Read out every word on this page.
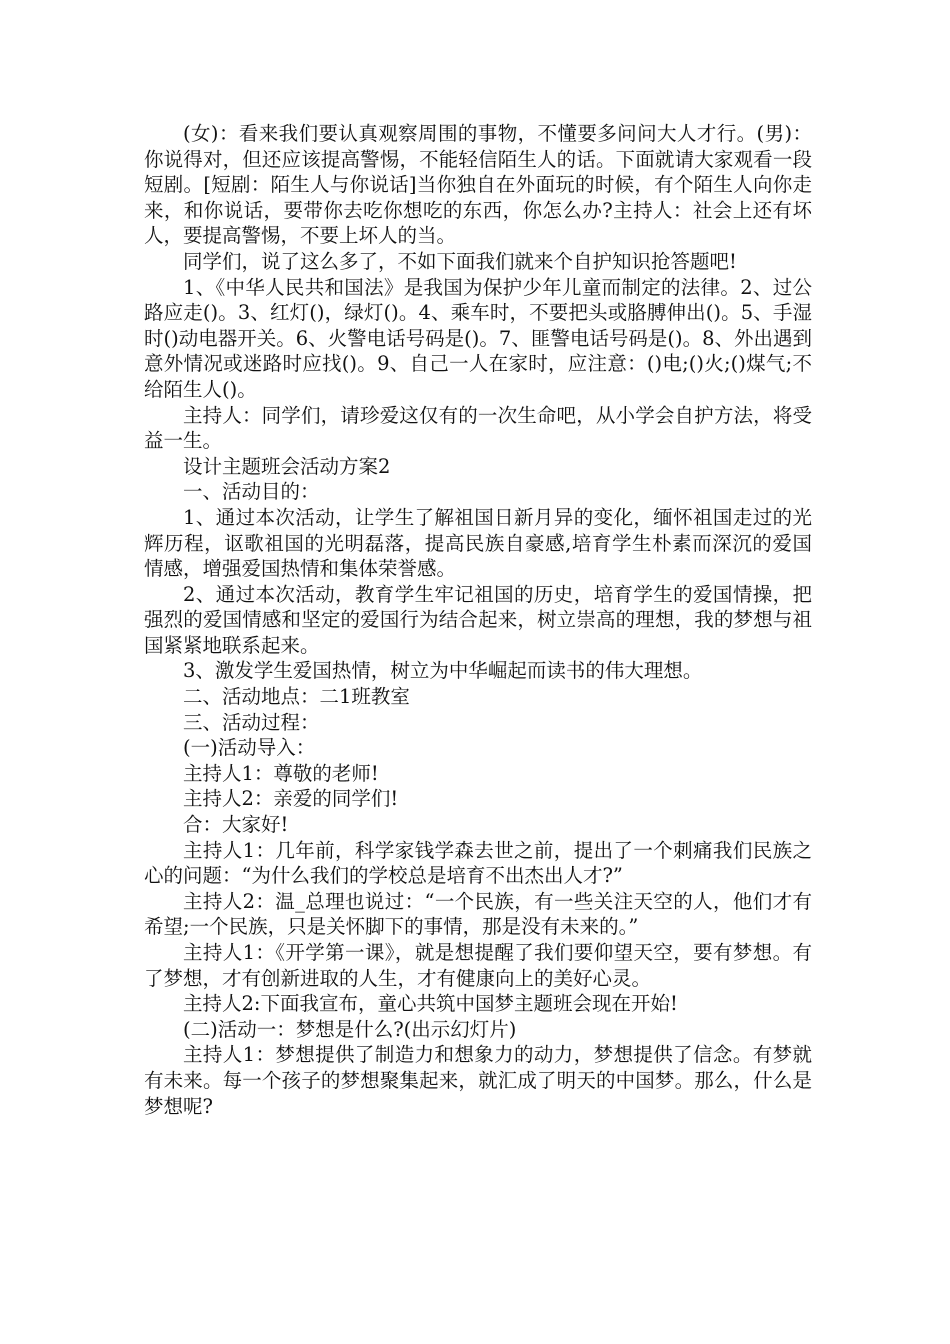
(女)：看来我们要认真观察周围的事物，不懂要多问问大人才行。(男)：你说得对，但还应该提高警惕，不能轻信陌生人的话。下面就请大家观看一段短剧。[短剧：陌生人与你说话]当你独自在外面玩的时候，有个陌生人向你走来，和你说话，要带你去吃你想吃的东西，你怎么办?主持人：社会上还有坏人，要提高警惕，不要上坏人的当。

同学们，说了这么多了，不如下面我们就来个自护知识抢答题吧!

1、《中华人民共和国法》是我国为保护少年儿童而制定的法律。2、过公路应走()。3、红灯()，绿灯()。4、乘车时，不要把头或胳膊伸出()。5、手湿时()动电器开关。6、火警电话号码是()。7、匪警电话号码是()。8、外出遇到意外情况或迷路时应找()。9、自己一人在家时，应注意：()电;()火;()煤气;不给陌生人()。

主持人：同学们，请珍爱这仅有的一次生命吧，从小学会自护方法，将受益一生。

设计主题班会活动方案2

一、活动目的：

1、通过本次活动，让学生了解祖国日新月异的变化，缅怀祖国走过的光辉历程，讴歌祖国的光明磊落，提高民族自豪感,培育学生朴素而深沉的爱国情感，增强爱国热情和集体荣誉感。

2、通过本次活动，教育学生牢记祖国的历史，培育学生的爱国情操，把强烈的爱国情感和坚定的爱国行为结合起来，树立崇高的理想，我的梦想与祖国紧紧地联系起来。

3、激发学生爱国热情，树立为中华崛起而读书的伟大理想。

二、活动地点：二1班教室

三、活动过程：

(一)活动导入：

主持人1：尊敬的老师!

主持人2：亲爱的同学们!

合：大家好!

主持人1：几年前，科学家钱学森去世之前，提出了一个刺痛我们民族之心的问题：“为什么我们的学校总是培育不出杰出人才?”

主持人2：温_总理也说过：“一个民族，有一些关注天空的人，他们才有希望;一个民族，只是关怀脚下的事情，那是没有未来的。”

主持人1：《开学第一课》，就是想提醒了我们要仰望天空，要有梦想。有了梦想，才有创新进取的人生，才有健康向上的美好心灵。

主持人2:下面我宣布，童心共筑中国梦主题班会现在开始!

(二)活动一：梦想是什么?(出示幻灯片)

主持人1：梦想提供了制造力和想象力的动力，梦想提供了信念。有梦就有未来。每一个孩子的梦想聚集起来，就汇成了明天的中国梦。那么，什么是梦想呢?
